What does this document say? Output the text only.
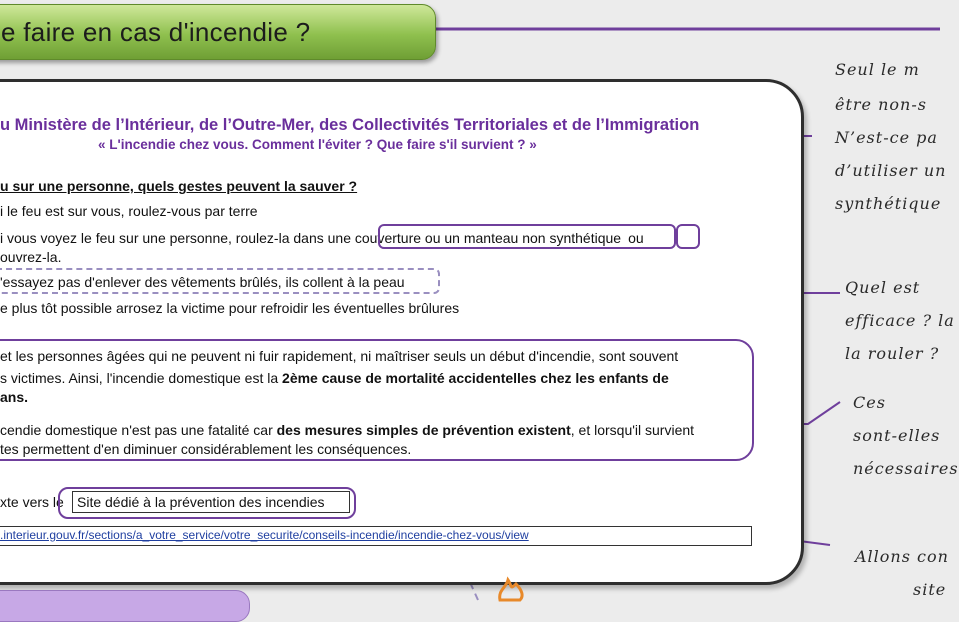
e faire en cas d'incendie ?
u Ministère de l’Intérieur, de l’Outre-Mer, des Collectivités Territoriales et de l’Immigration
« L'incendie chez vous. Comment l'éviter ? Que faire s'il survient ? »
u sur une personne, quels gestes peuvent la sauver ?
i le feu est sur vous, roulez-vous par terre
i vous voyez le feu sur une personne, roulez-la dans une couverture ou un manteau non synthétique ou
ouvrez-la.
'essayez pas d'enlever des vêtements brûlés, ils collent à la peau
e plus tôt possible arrosez la victime pour refroidir les éventuelles brûlures
et les personnes âgées qui ne peuvent ni fuir rapidement, ni maîtriser seuls un début d'incendie, sont souvent
s victimes. Ainsi, l'incendie domestique est la 2ème cause de mortalité accidentelles chez les enfants de
ans.
cendie domestique n'est pas une fatalité car des mesures simples de prévention existent, et lorsqu'il survient
tes permettent d'en diminuer considérablement les conséquences.
xte vers le Site dédié à la prévention des incendies
.interieur.gouv.fr/sections/a_votre_service/votre_securite/conseils-incendie/incendie-chez-vous/view
Seul le m
être non-s
N’est-ce pa
d’utiliser un
synthétique
Quel est
efficace ? la
la rouler ?
Ces
sont-elles
nécessaires
Allons con
site
